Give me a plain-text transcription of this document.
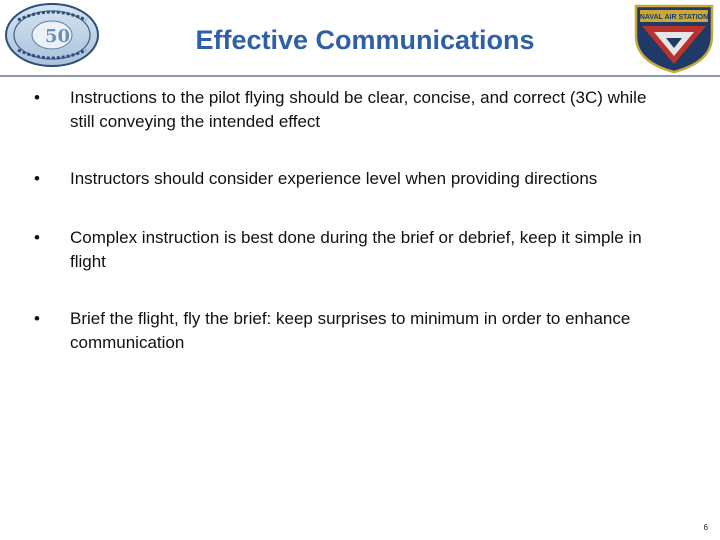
50
NAVAL AIR STATION
Effective Communications
•	Instructions to the pilot flying should be clear, concise, and correct (3C) while still conveying the intended effect
•	Instructors should consider experience level when providing directions
•	Complex instruction is best done during the brief or debrief, keep it simple in flight
•	Brief the flight, fly the brief: keep surprises to minimum in order to enhance communication
6
